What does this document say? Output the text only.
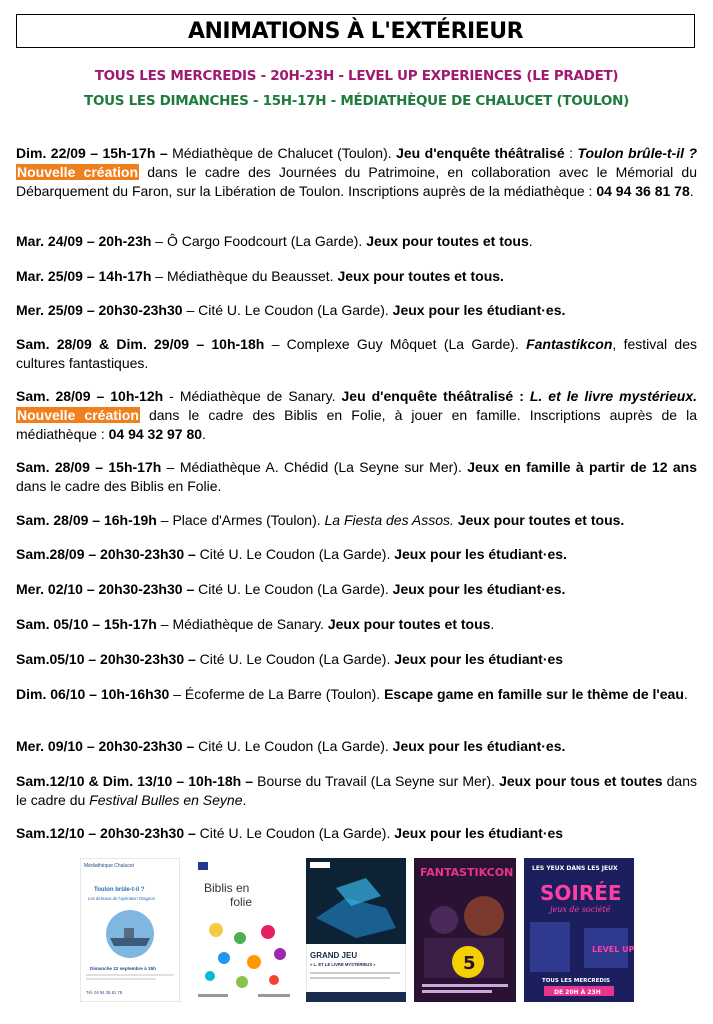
ANIMATIONS À L'EXTÉRIEUR
TOUS LES MERCREDIS - 20H-23H - LEVEL UP EXPERIENCES (LE PRADET)
TOUS LES DIMANCHES - 15H-17H - MÉDIATHÈQUE DE CHALUCET (TOULON)

Dim. 22/09 – 15h-17h – Médiathèque de Chalucet (Toulon). Jeu d'enquête théâtralisé : Toulon brûle-t-il ? Nouvelle création dans le cadre des Journées du Patrimoine, en collaboration avec le Mémorial du Débarquement du Faron, sur la Libération de Toulon. Inscriptions auprès de la médiathèque : 04 94 36 81 78.

Mar. 24/09 – 20h-23h – Ô Cargo Foodcourt (La Garde). Jeux pour toutes et tous.

Mar. 25/09 – 14h-17h – Médiathèque du Beausset. Jeux pour toutes et tous.

Mer. 25/09 – 20h30-23h30 – Cité U. Le Coudon (La Garde). Jeux pour les étudiant·es.

Sam. 28/09 & Dim. 29/09 – 10h-18h – Complexe Guy Môquet (La Garde). Fantastikcon, festival des cultures fantastiques.

Sam. 28/09 – 10h-12h - Médiathèque de Sanary. Jeu d'enquête théâtralisé : L. et le livre mystérieux. Nouvelle création dans le cadre des Biblis en Folie, à jouer en famille. Inscriptions auprès de la médiathèque : 04 94 32 97 80.

Sam. 28/09 – 15h-17h – Médiathèque A. Chédid (La Seyne sur Mer). Jeux en famille à partir de 12 ans dans le cadre des Biblis en Folie.

Sam. 28/09 – 16h-19h – Place d'Armes (Toulon). La Fiesta des Assos. Jeux pour toutes et tous.

Sam.28/09 – 20h30-23h30 – Cité U. Le Coudon (La Garde). Jeux pour les étudiant·es.

Mer. 02/10 – 20h30-23h30 – Cité U. Le Coudon (La Garde). Jeux pour les étudiant·es.

Sam. 05/10 – 15h-17h – Médiathèque de Sanary. Jeux pour toutes et tous.

Sam.05/10 – 20h30-23h30 – Cité U. Le Coudon (La Garde). Jeux pour les étudiant·es

Dim. 06/10 – 10h-16h30 – Écoferme de La Barre (Toulon). Escape game en famille sur le thème de l'eau.

Mer. 09/10 – 20h30-23h30 – Cité U. Le Coudon (La Garde). Jeux pour les étudiant·es.

Sam.12/10 & Dim. 13/10 – 10h-18h – Bourse du Travail (La Seyne sur Mer). Jeux pour tous et toutes dans le cadre du Festival Bulles en Seyne.

Sam.12/10 – 20h30-23h30 – Cité U. Le Coudon (La Garde). Jeux pour les étudiant·es

Médiathèque Chalucet
Toulon brûle-t-il ?
Les dessous de l'opération Dragoon
Dimanche 22 septembre à 15h
Tél. 04 94 36 81 78
Biblis en
folie
GRAND JEU
« L. ET LE LIVRE MYSTÉRIEUX »
FANTASTIKCON
5
LES YEUX DANS LES JEUX
SOIRÉE
jeux de société
LEVEL UP
TOUS LES MERCREDIS
DE 20H À 23H
